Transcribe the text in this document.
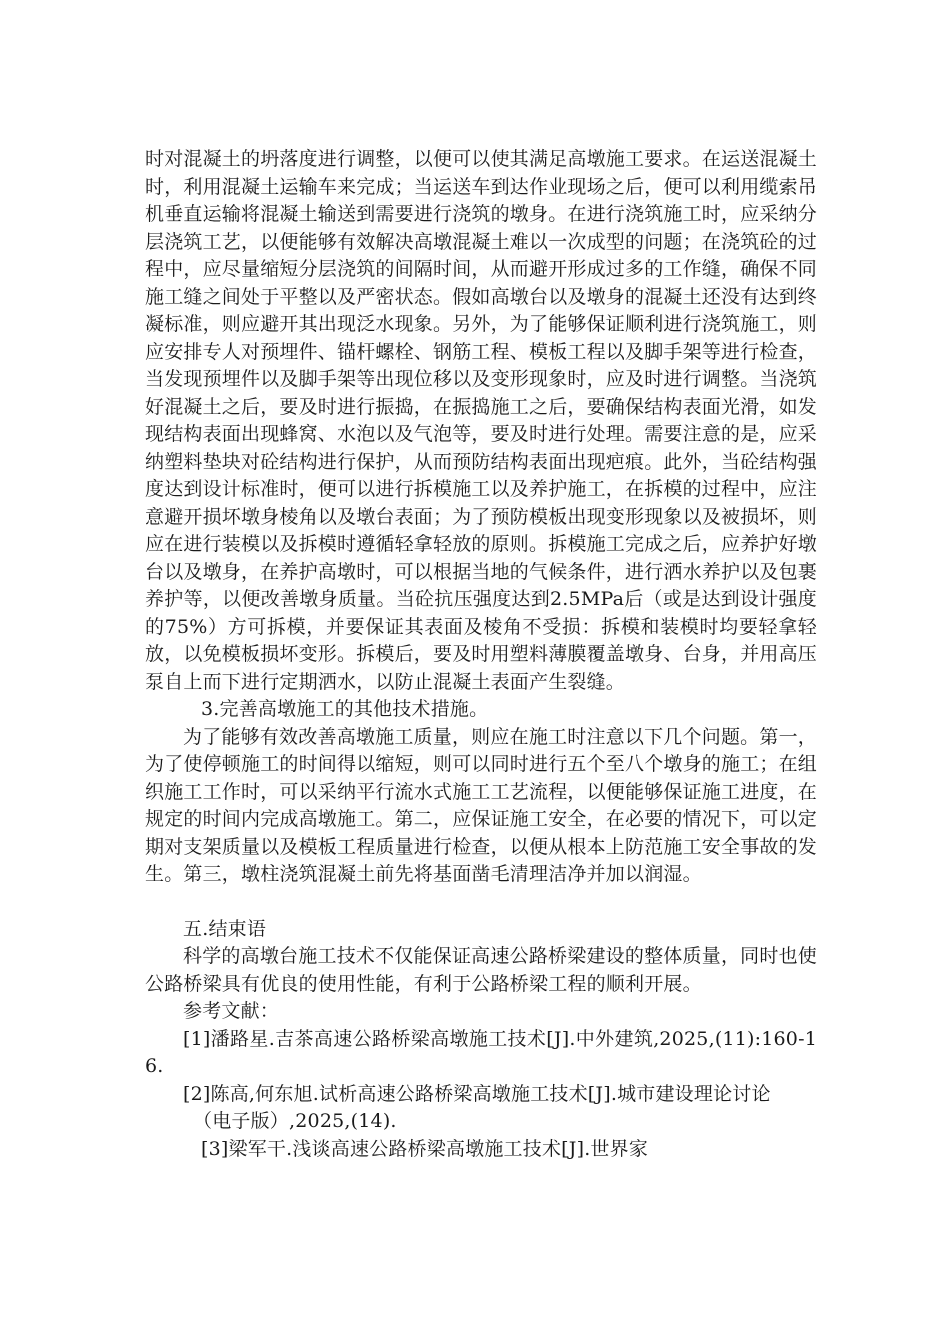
时对混凝土的坍落度进行调整，以便可以使其满足高墩施工要求。在运送混凝土时，利用混凝土运输车来完成；当运送车到达作业现场之后，便可以利用缆索吊机垂直运输将混凝土输送到需要进行浇筑的墩身。在进行浇筑施工时，应采纳分层浇筑工艺，以便能够有效解决高墩混凝土难以一次成型的问题；在浇筑砼的过程中，应尽量缩短分层浇筑的间隔时间，从而避开形成过多的工作缝，确保不同施工缝之间处于平整以及严密状态。假如高墩台以及墩身的混凝土还没有达到终凝标准，则应避开其出现泛水现象。另外，为了能够保证顺利进行浇筑施工，则应安排专人对预埋件、锚杆螺栓、钢筋工程、模板工程以及脚手架等进行检查，当发现预埋件以及脚手架等出现位移以及变形现象时，应及时进行调整。当浇筑好混凝土之后，要及时进行振捣，在振捣施工之后，要确保结构表面光滑，如发现结构表面出现蜂窝、水泡以及气泡等，要及时进行处理。需要注意的是，应采纳塑料垫块对砼结构进行保护，从而预防结构表面出现疤痕。此外，当砼结构强度达到设计标准时，便可以进行拆模施工以及养护施工，在拆模的过程中，应注意避开损坏墩身棱角以及墩台表面；为了预防模板出现变形现象以及被损坏，则应在进行装模以及拆模时遵循轻拿轻放的原则。拆模施工完成之后，应养护好墩台以及墩身，在养护高墩时，可以根据当地的气候条件，进行洒水养护以及包裹养护等，以便改善墩身质量。当砼抗压强度达到2.5MPa后（或是达到设计强度的75%）方可拆模，并要保证其表面及棱角不受损：拆模和装模时均要轻拿轻放，以免模板损坏变形。拆模后，要及时用塑料薄膜覆盖墩身、台身，并用高压泵自上而下进行定期洒水，以防止混凝土表面产生裂缝。

3.完善高墩施工的其他技术措施。

为了能够有效改善高墩施工质量，则应在施工时注意以下几个问题。第一，为了使停顿施工的时间得以缩短，则可以同时进行五个至八个墩身的施工；在组织施工工作时，可以采纳平行流水式施工工艺流程，以便能够保证施工进度，在规定的时间内完成高墩施工。第二，应保证施工安全，在必要的情况下，可以定期对支架质量以及模板工程质量进行检查，以便从根本上防范施工安全事故的发生。第三，墩柱浇筑混凝土前先将基面凿毛清理洁净并加以润湿。

五.结束语

科学的高墩台施工技术不仅能保证高速公路桥梁建设的整体质量，同时也使公路桥梁具有优良的使用性能，有利于公路桥梁工程的顺利开展。

参考文献：

[1]潘路星.吉茶高速公路桥梁高墩施工技术[J].中外建筑,2025,(11):160-16.

[2]陈高,何东旭.试析高速公路桥梁高墩施工技术[J].城市建设理论讨论

（电子版）,2025,(14).

[3]梁军干.浅谈高速公路桥梁高墩施工技术[J].世界家
